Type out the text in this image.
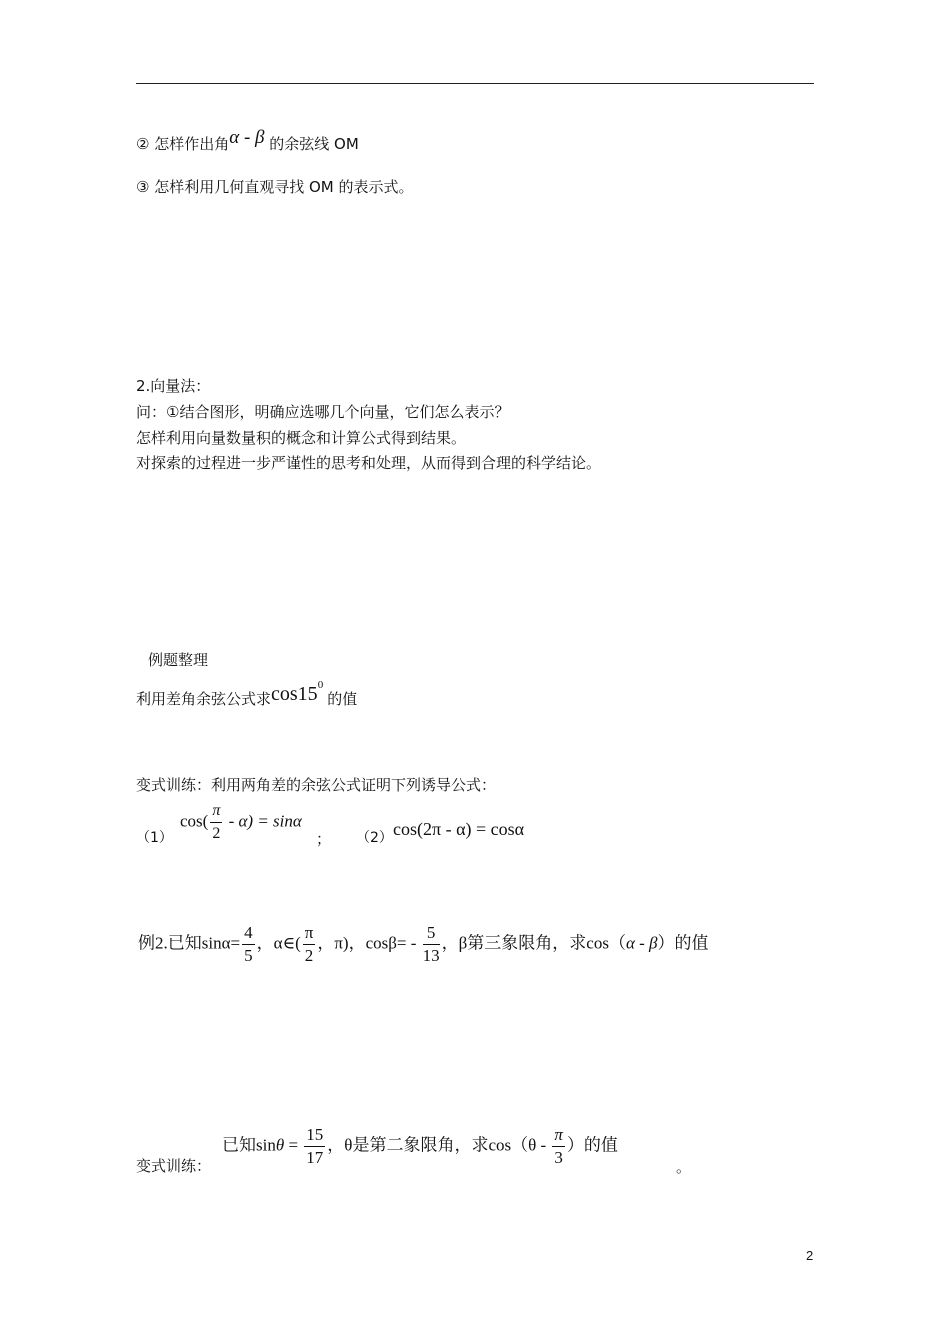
② 怎样作出角α - β 的余弦线 OM
③ 怎样利用几何直观寻找 OM 的表示式。
2.向量法：
问：①结合图形，明确应选哪几个向量，它们怎么表示？
怎样利用向量数量积的概念和计算公式得到结果。
对探索的过程进一步严谨性的思考和处理，从而得到合理的科学结论。
例题整理
利用差角余弦公式求$\cos 15^0$的值
变式训练：利用两角差的余弦公式证明下列诱导公式：
（1）
$\cos( \frac{\pi}{2} - \alpha) = \sin\alpha$
； （2） cos(2π - α) = cosα
例2.已知$\sin\alpha= \frac{4}{5}$ ，α∈( $\frac{\pi}{2}$ ，π)，$\cos\beta= - \frac{5}{13}$ ，β第三象限角，求cos（α - β）的值
变式训练：
已知$\sin\theta = \frac{15}{17}$ ，θ是第二象限角，求$\cos(\theta - \frac{\pi}{3}$ ）的值
。
2
